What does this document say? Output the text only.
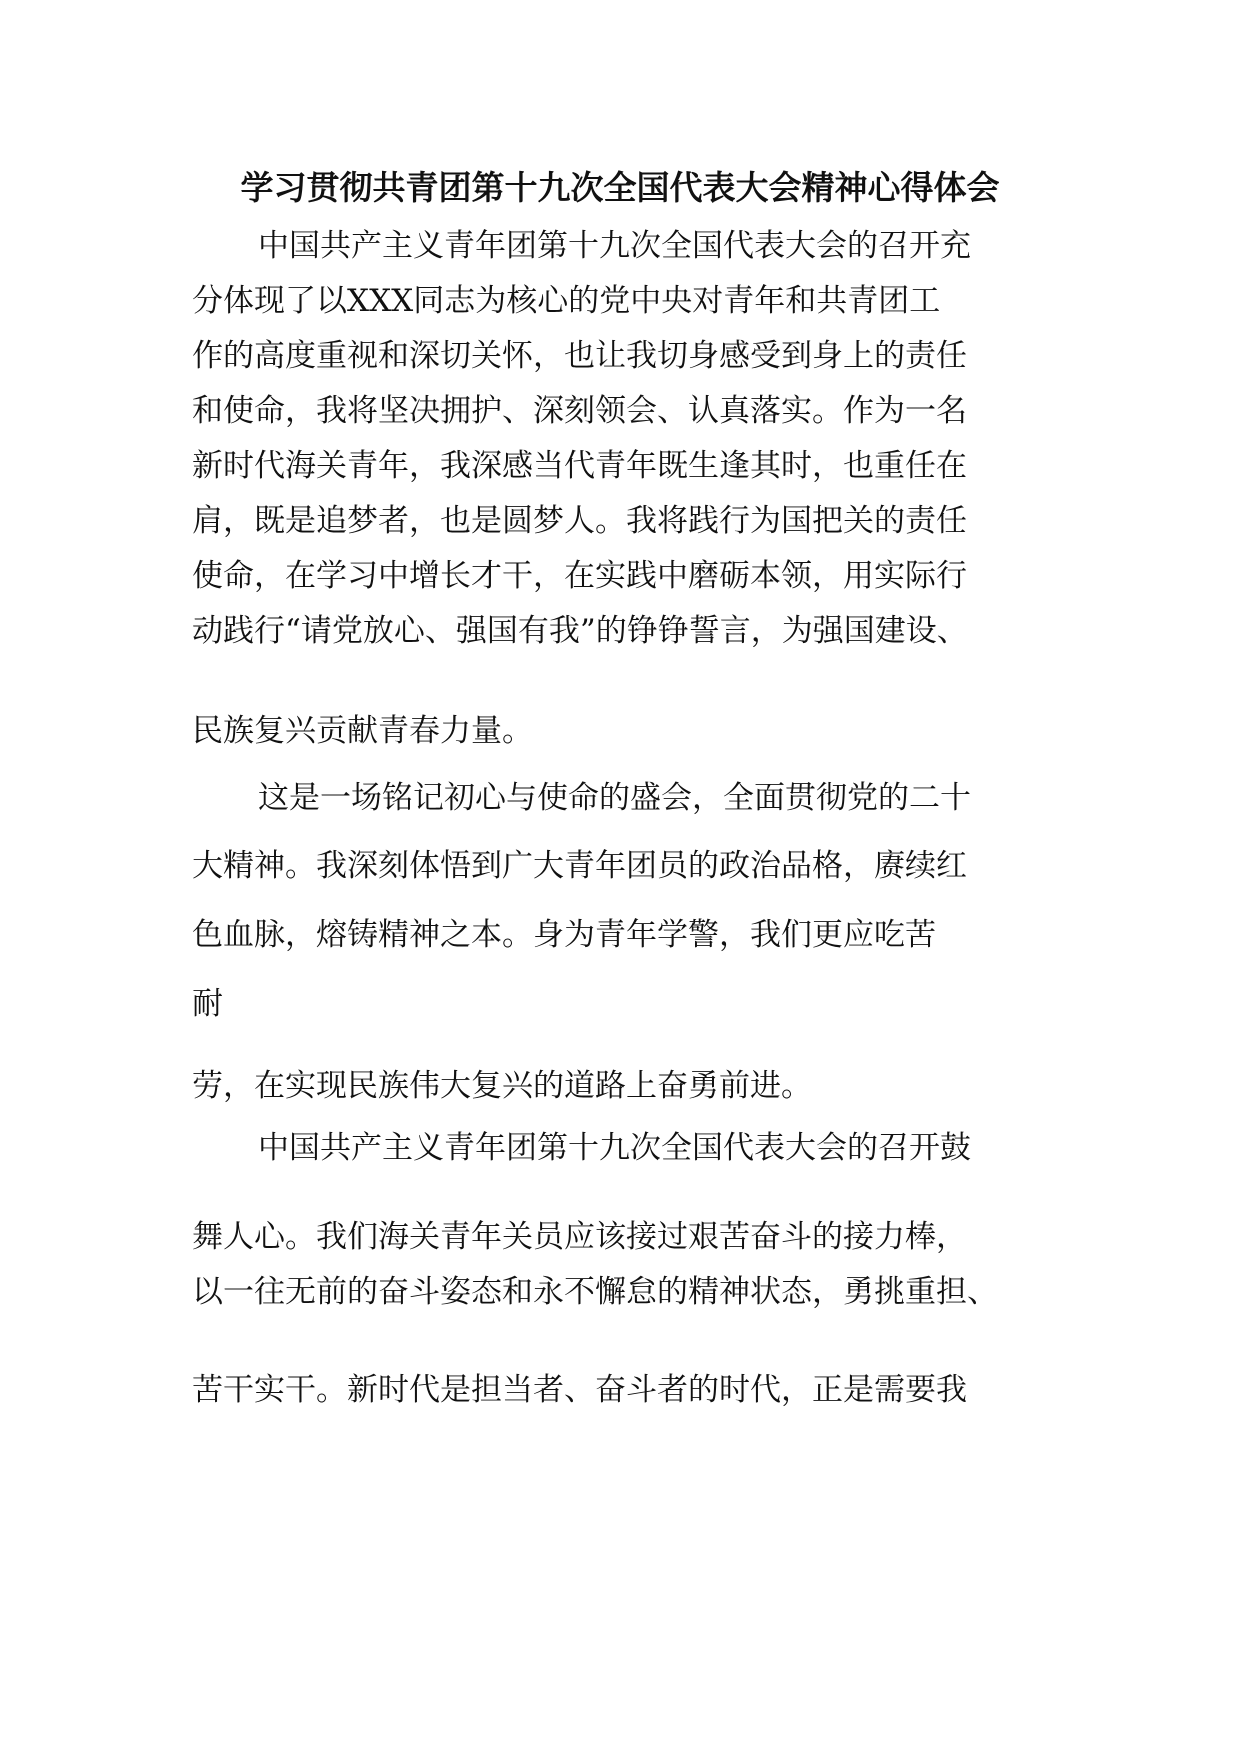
学习贯彻共青团第十九次全国代表大会精神心得体会
中国共产主义青年团第十九次全国代表大会的召开充
分体现了以XXX同志为核心的党中央对青年和共青团工
作的高度重视和深切关怀，也让我切身感受到身上的责任
和使命，我将坚决拥护、深刻领会、认真落实。作为一名
新时代海关青年，我深感当代青年既生逢其时，也重任在
肩，既是追梦者，也是圆梦人。我将践行为国把关的责任
使命，在学习中增长才干，在实践中磨砺本领，用实际行
动践行“请党放心、强国有我”的铮铮誓言，为强国建设、
民族复兴贡献青春力量。
这是一场铭记初心与使命的盛会，全面贯彻党的二十
大精神。我深刻体悟到广大青年团员的政治品格，赓续红
色血脉，熔铸精神之本。身为青年学警，我们更应吃苦
耐
劳，在实现民族伟大复兴的道路上奋勇前进。
中国共产主义青年团第十九次全国代表大会的召开鼓
舞人心。我们海关青年关员应该接过艰苦奋斗的接力棒，
以一往无前的奋斗姿态和永不懈怠的精神状态，勇挑重担、
苦干实干。新时代是担当者、奋斗者的时代，正是需要我
